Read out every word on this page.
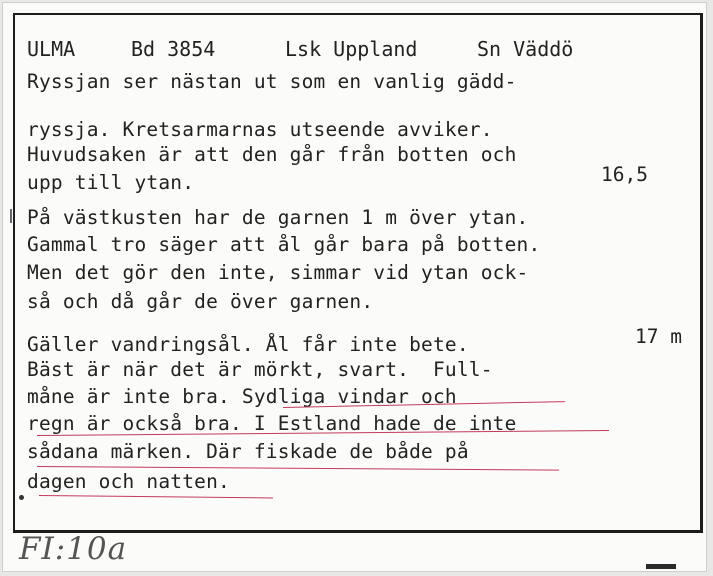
ULMA	Bd 3854	Lsk Uppland	Sn Väddö
Ryssjan ser nästan ut som en vanlig gädd-
ryssja. Kretsarmarnas utseende avviker.
Huvudsaken är att den går från botten och
upp till ytan.	16,5
På västkusten har de garnen 1 m över ytan.
Gammal tro säger att ål går bara på botten.
Men det gör den inte, simmar vid ytan ock-
så och då går de över garnen.
Gäller vandringsål. Ål får inte bete.	17 m
Bäst är när det är mörkt, svart.  Full-
måne är inte bra. Sydliga vindar och
regn är också bra. I Estland hade de inte
sådana märken. Där fiskade de både på
dagen och natten.
FI:10a
